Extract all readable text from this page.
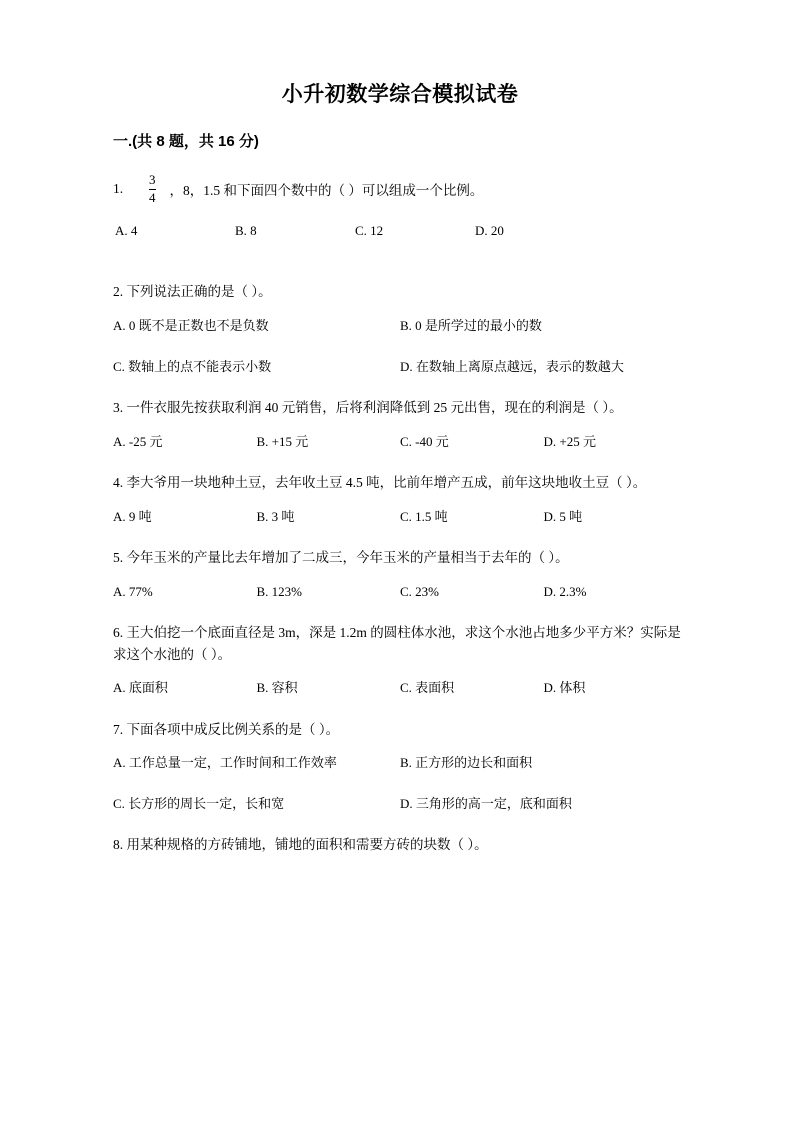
小升初数学综合模拟试卷
一.(共 8 题，共 16 分)
1.	$\frac{3}{4}$ ，8，1.5 和下面四个数中的（ ）可以组成一个比例。
A. 4	B. 8	C. 12	D. 20
2. 下列说法正确的是（ ）。
A. 0 既不是正数也不是负数	B. 0 是所学过的最小的数
C. 数轴上的点不能表示小数	D. 在数轴上离原点越远，表示的数越大
3. 一件衣服先按获取利润 40 元销售，后将利润降低到 25 元出售，现在的利润是（ ）。
A. -25 元	B. +15 元	C. -40 元	D. +25 元
4. 李大爷用一块地种土豆，去年收土豆 4.5 吨，比前年增产五成，前年这块地收土豆（ ）。
A. 9 吨	B. 3 吨	C. 1.5 吨	D. 5 吨
5. 今年玉米的产量比去年增加了二成三，今年玉米的产量相当于去年的（ ）。
A. 77%	B. 123%	C. 23%	D. 2.3%
6. 王大伯挖一个底面直径是 3m，深是 1.2m 的圆柱体水池，求这个水池占地多少平方米？实际是求这个水池的（ ）。
A. 底面积	B. 容积	C. 表面积	D. 体积
7. 下面各项中成反比例关系的是（ ）。
A. 工作总量一定，工作时间和工作效率	B. 正方形的边长和面积
C. 长方形的周长一定，长和宽	D. 三角形的高一定，底和面积
8. 用某种规格的方砖铺地，铺地的面积和需要方砖的块数（ ）。
